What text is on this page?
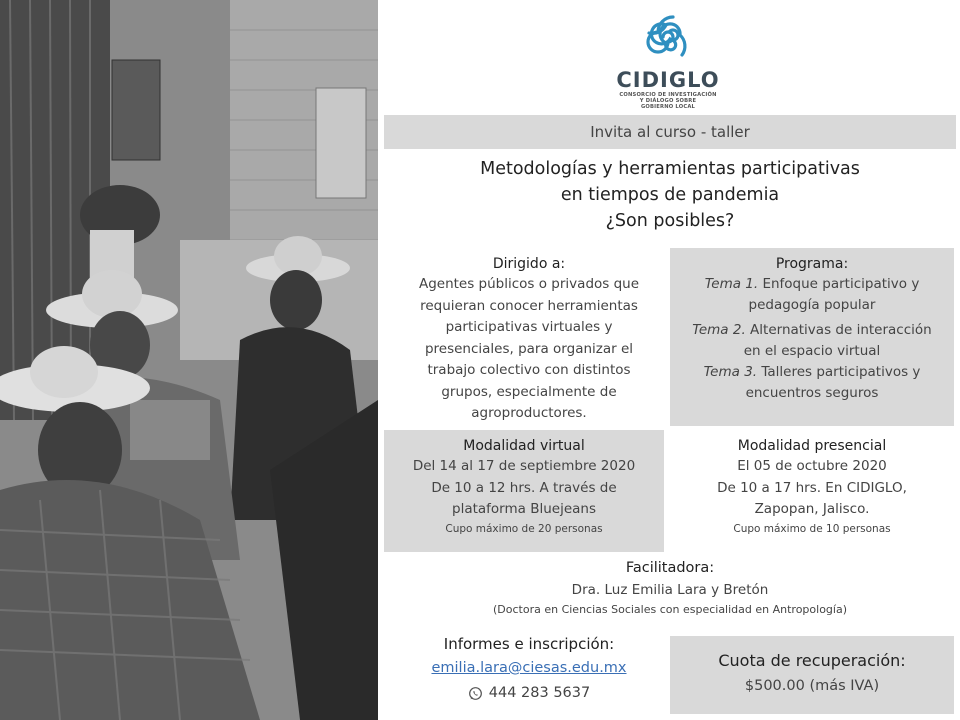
CIDIGLO
CONSORCIO DE INVESTIGACIÓN
Y DIÁLOGO SOBRE
GOBIERNO LOCAL
Invita al curso - taller
Metodologías y herramientas participativas
en tiempos de pandemia
¿Son posibles?
Dirigido a:
Agentes públicos o privados que
requieran conocer herramientas
participativas virtuales y
presenciales, para organizar el
trabajo colectivo con distintos
grupos, especialmente de
agroproductores.
Programa:
Tema 1. Enfoque participativo y
pedagogía popular
Tema 2. Alternativas de interacción
en el espacio virtual
Tema 3. Talleres participativos y
encuentros seguros
Modalidad virtual
Del 14 al 17 de septiembre 2020
De 10 a 12 hrs. A través de
plataforma Bluejeans
Cupo máximo de 20 personas
Modalidad presencial
El 05 de octubre 2020
De 10 a 17 hrs. En CIDIGLO,
Zapopan, Jalisco.
Cupo máximo de 10 personas
Facilitadora:
Dra. Luz Emilia Lara y Bretón
(Doctora en Ciencias Sociales con especialidad en Antropología)
Informes e inscripción:
emilia.lara@ciesas.edu.mx
444 283 5637
Cuota de recuperación:
$500.00 (más IVA)
